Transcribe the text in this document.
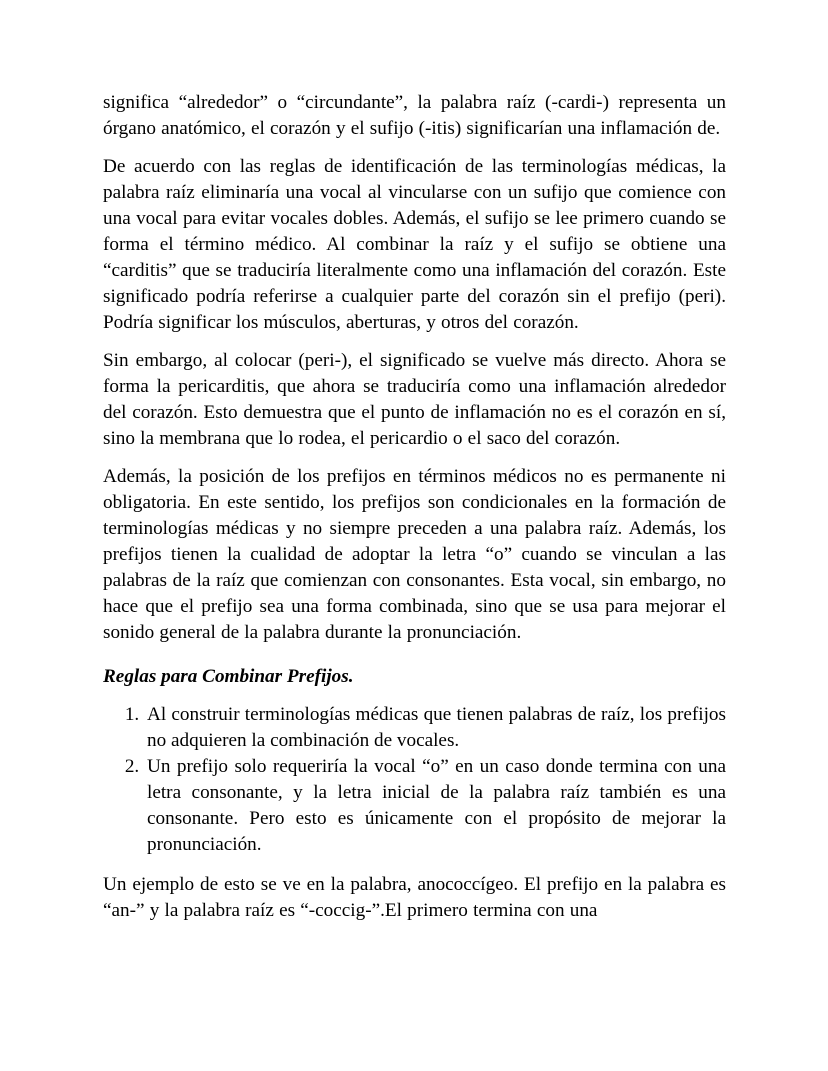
significa “alrededor” o “circundante”, la palabra raíz (-cardi-) representa un órgano anatómico, el corazón y el sufijo (-itis) significarían una inflamación de.

De acuerdo con las reglas de identificación de las terminologías médicas, la palabra raíz eliminaría una vocal al vincularse con un sufijo que comience con una vocal para evitar vocales dobles. Además, el sufijo se lee primero cuando se forma el término médico. Al combinar la raíz y el sufijo se obtiene una “carditis” que se traduciría literalmente como una inflamación del corazón. Este significado podría referirse a cualquier parte del corazón sin el prefijo (peri). Podría significar los músculos, aberturas, y otros del corazón.

Sin embargo, al colocar (peri-), el significado se vuelve más directo. Ahora se forma la pericarditis, que ahora se traduciría como una inflamación alrededor del corazón. Esto demuestra que el punto de inflamación no es el corazón en sí, sino la membrana que lo rodea, el pericardio o el saco del corazón.

Además, la posición de los prefijos en términos médicos no es permanente ni obligatoria. En este sentido, los prefijos son condicionales en la formación de terminologías médicas y no siempre preceden a una palabra raíz. Además, los prefijos tienen la cualidad de adoptar la letra “o” cuando se vinculan a las palabras de la raíz que comienzan con consonantes. Esta vocal, sin embargo, no hace que el prefijo sea una forma combinada, sino que se usa para mejorar el sonido general de la palabra durante la pronunciación.

Reglas para Combinar Prefijos.
1. Al construir terminologías médicas que tienen palabras de raíz, los prefijos no adquieren la combinación de vocales.
2. Un prefijo solo requeriría la vocal “o” en un caso donde termina con una letra consonante, y la letra inicial de la palabra raíz también es una consonante. Pero esto es únicamente con el propósito de mejorar la pronunciación.

Un ejemplo de esto se ve en la palabra, anococcígeo. El prefijo en la palabra es “an-” y la palabra raíz es “-coccig-”.El primero termina con una
